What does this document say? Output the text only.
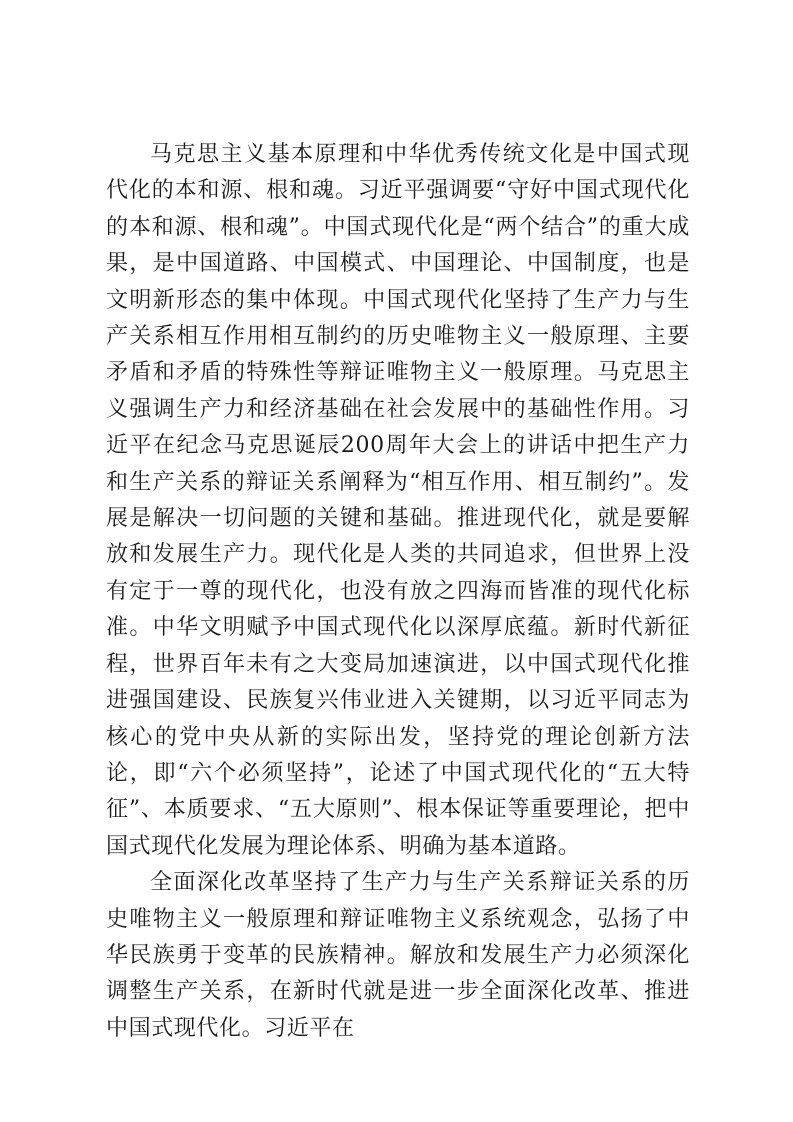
马克思主义基本原理和中华优秀传统文化是中国式现代化的本和源、根和魂。习近平强调要“守好中国式现代化的本和源、根和魂”。中国式现代化是“两个结合”的重大成果，是中国道路、中国模式、中国理论、中国制度，也是文明新形态的集中体现。中国式现代化坚持了生产力与生产关系相互作用相互制约的历史唯物主义一般原理、主要矛盾和矛盾的特殊性等辩证唯物主义一般原理。马克思主义强调生产力和经济基础在社会发展中的基础性作用。习近平在纪念马克思诞辰200周年大会上的讲话中把生产力和生产关系的辩证关系阐释为“相互作用、相互制约”。发展是解决一切问题的关键和基础。推进现代化，就是要解放和发展生产力。现代化是人类的共同追求，但世界上没有定于一尊的现代化，也没有放之四海而皆准的现代化标准。中华文明赋予中国式现代化以深厚底蕴。新时代新征程，世界百年未有之大变局加速演进，以中国式现代化推进强国建设、民族复兴伟业进入关键期，以习近平同志为核心的党中央从新的实际出发，坚持党的理论创新方法论，即“六个必须坚持”，论述了中国式现代化的“五大特征”、本质要求、“五大原则”、根本保证等重要理论，把中国式现代化发展为理论体系、明确为基本道路。

全面深化改革坚持了生产力与生产关系辩证关系的历史唯物主义一般原理和辩证唯物主义系统观念，弘扬了中华民族勇于变革的民族精神。解放和发展生产力必须深化调整生产关系，在新时代就是进一步全面深化改革、推进中国式现代化。习近平在
